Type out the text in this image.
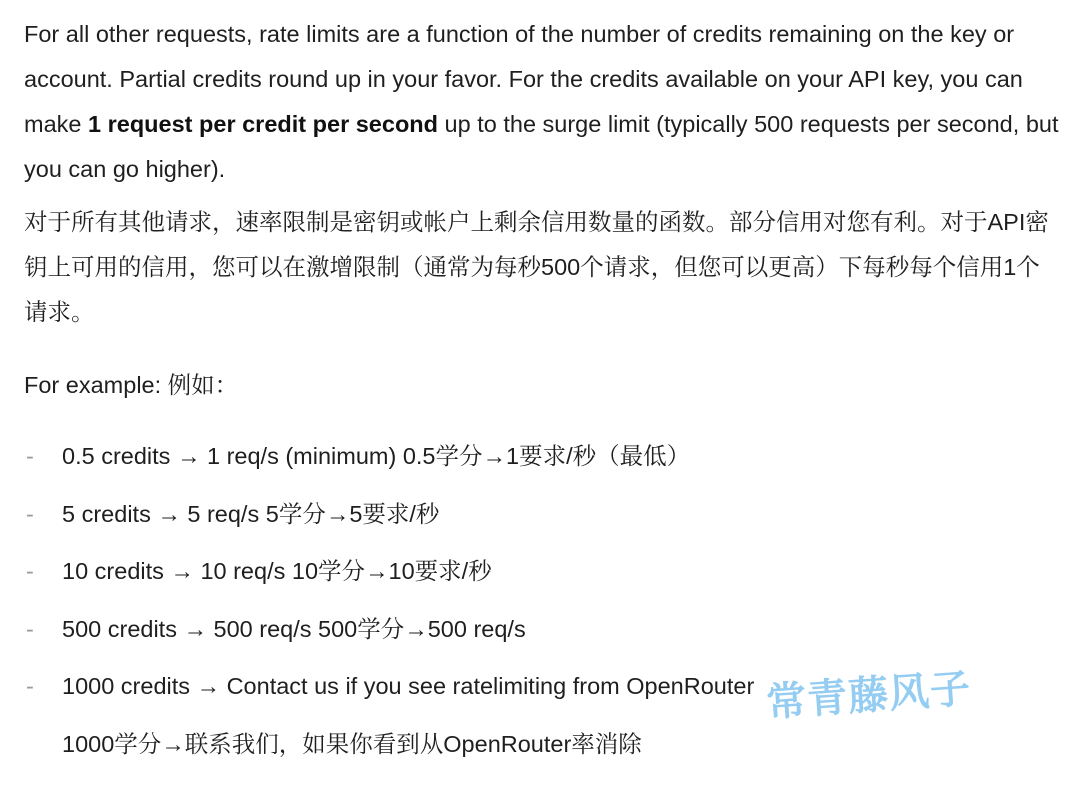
For all other requests, rate limits are a function of the number of credits remaining on the key or account. Partial credits round up in your favor. For the credits available on your API key, you can make 1 request per credit per second up to the surge limit (typically 500 requests per second, but you can go higher).

对于所有其他请求，速率限制是密钥或帐户上剩余信用数量的函数。部分信用对您有利。对于API密钥上可用的信用，您可以在激增限制（通常为每秒500个请求，但您可以更高）下每秒每个信用1个请求。

For example: 例如：

- 0.5 credits → 1 req/s (minimum) 0.5学分→1要求/秒（最低）
- 5 credits → 5 req/s 5学分→5要求/秒
- 10 credits → 10 req/s 10学分→10要求/秒
- 500 credits → 500 req/s 500学分→500 req/s
- 1000 credits → Contact us if you see ratelimiting from OpenRouter
1000学分→联系我们，如果你看到从OpenRouter率消除
常青藤风子
